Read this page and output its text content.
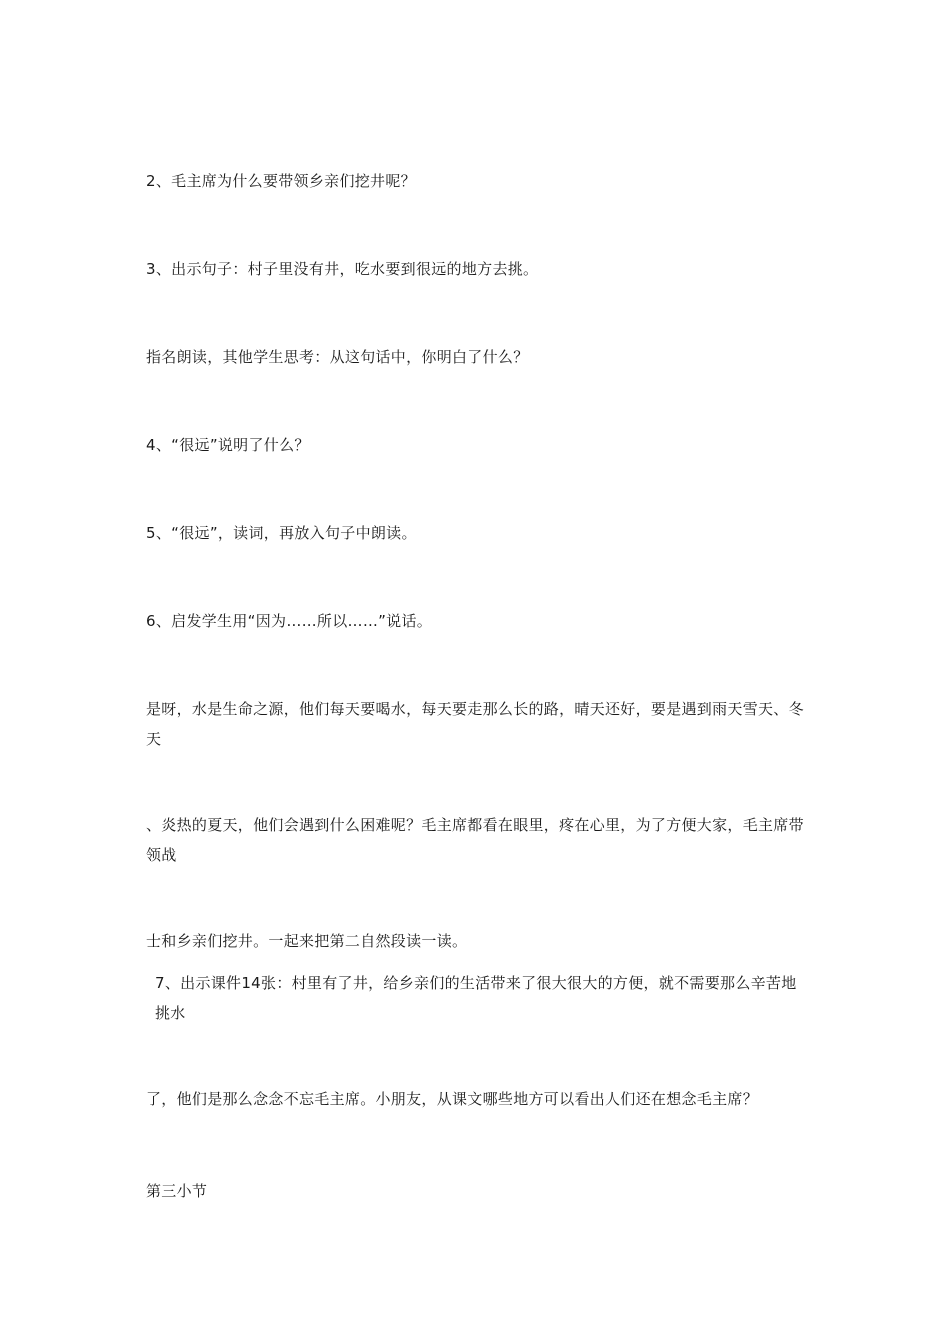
2、毛主席为什么要带领乡亲们挖井呢？

3、出示句子：村子里没有井，吃水要到很远的地方去挑。

指名朗读，其他学生思考：从这句话中，你明白了什么？

4、“很远”说明了什么？

5、“很远”，读词，再放入句子中朗读。

6、启发学生用“因为……所以……”说话。

是呀，水是生命之源，他们每天要喝水，每天要走那么长的路，晴天还好，要是遇到雨天雪天、冬天

、炎热的夏天，他们会遇到什么困难呢？毛主席都看在眼里，疼在心里，为了方便大家，毛主席带领战

士和乡亲们挖井。一起来把第二自然段读一读。

7、出示课件14张：村里有了井，给乡亲们的生活带来了很大很大的方便，就不需要那么辛苦地挑水

了，他们是那么念念不忘毛主席。小朋友，从课文哪些地方可以看出人们还在想念毛主席？

第三小节
